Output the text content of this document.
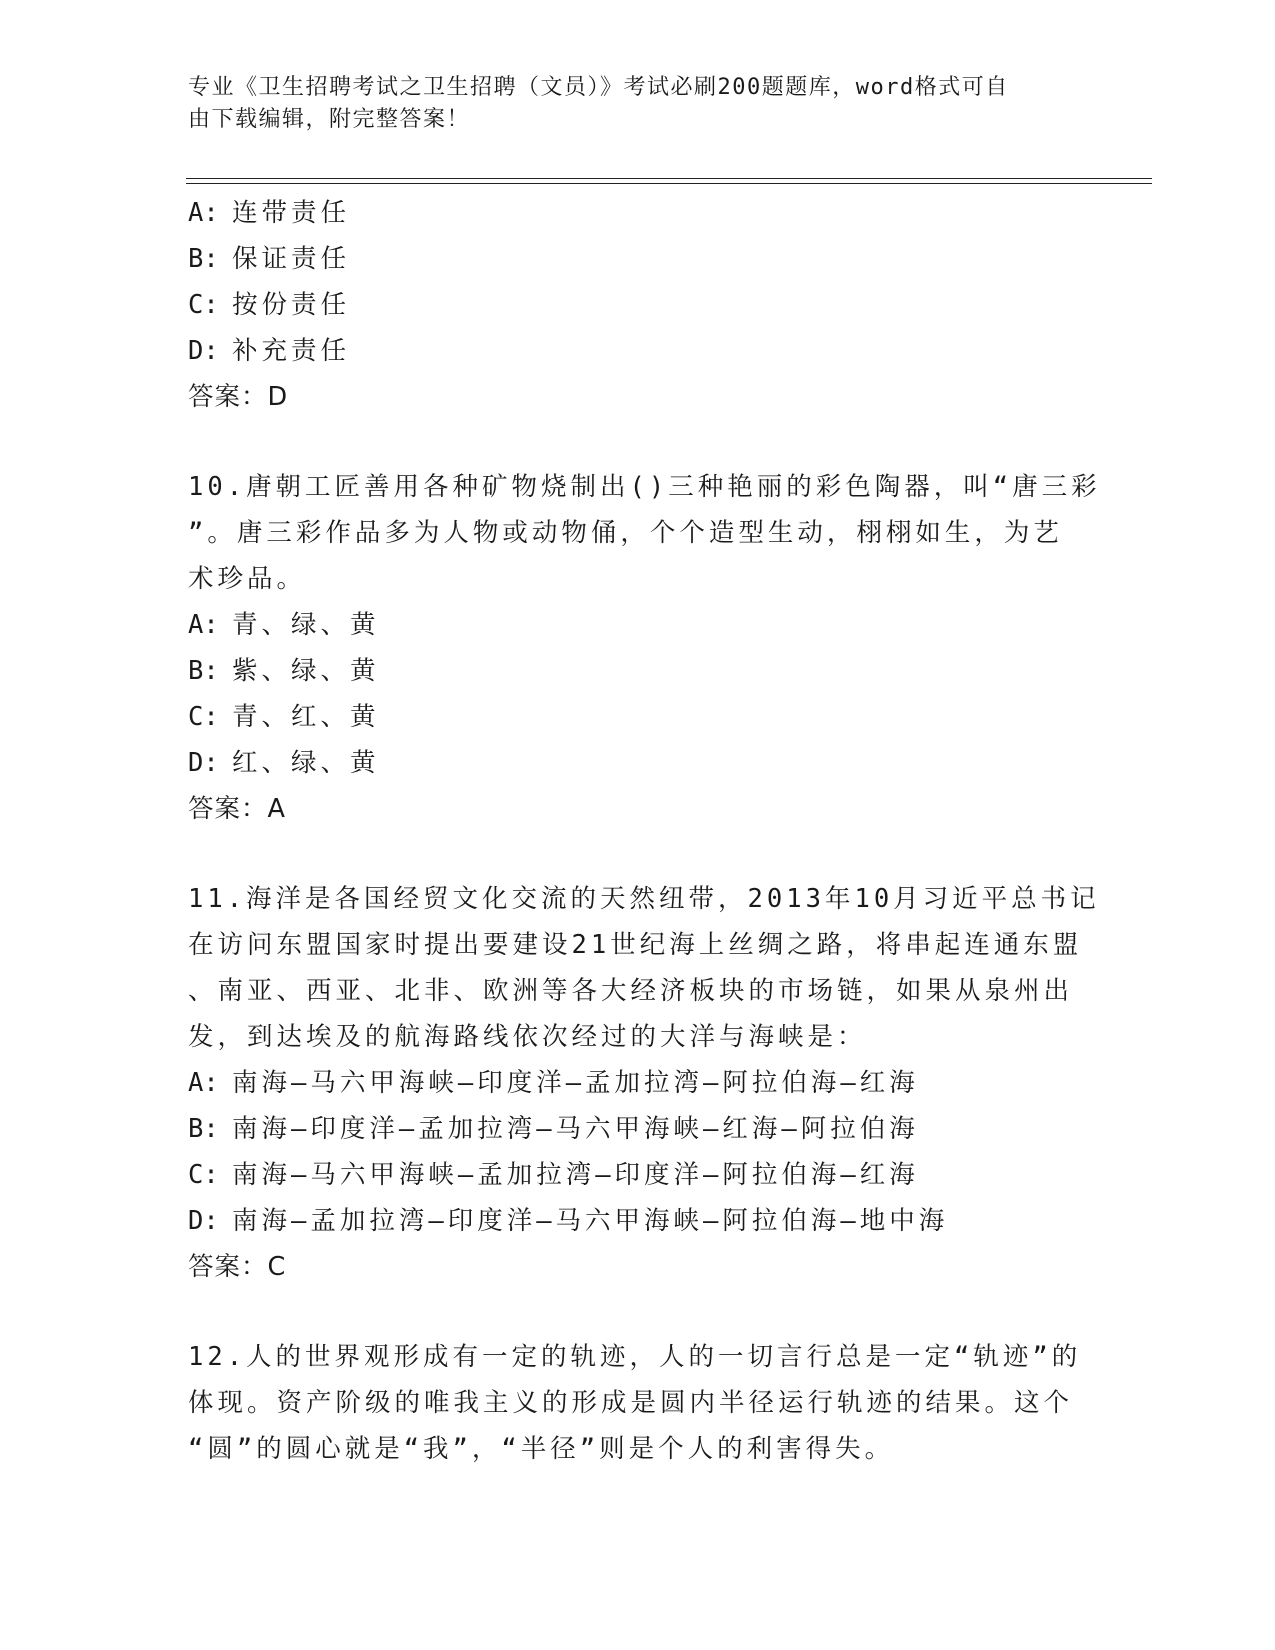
专业《卫生招聘考试之卫生招聘（文员）》考试必刷200题题库，word格式可自
由下载编辑，附完整答案！
A: 连带责任
B: 保证责任
C: 按份责任
D: 补充责任
答案：D
10.唐朝工匠善用各种矿物烧制出()三种艳丽的彩色陶器，叫“唐三彩
”。唐三彩作品多为人物或动物俑，个个造型生动，栩栩如生，为艺
术珍品。
A: 青、绿、黄
B: 紫、绿、黄
C: 青、红、黄
D: 红、绿、黄
答案：A
11.海洋是各国经贸文化交流的天然纽带，2013年10月习近平总书记
在访问东盟国家时提出要建设21世纪海上丝绸之路，将串起连通东盟
、南亚、西亚、北非、欧洲等各大经济板块的市场链，如果从泉州出
发，到达埃及的航海路线依次经过的大洋与海峡是：
A: 南海—马六甲海峡—印度洋—孟加拉湾—阿拉伯海—红海
B: 南海—印度洋—孟加拉湾—马六甲海峡—红海—阿拉伯海
C: 南海—马六甲海峡—孟加拉湾—印度洋—阿拉伯海—红海
D: 南海—孟加拉湾—印度洋—马六甲海峡—阿拉伯海—地中海
答案：C
12.人的世界观形成有一定的轨迹，人的一切言行总是一定“轨迹”的
体现。资产阶级的唯我主义的形成是圆内半径运行轨迹的结果。这个
“圆”的圆心就是“我”，“半径”则是个人的利害得失。
